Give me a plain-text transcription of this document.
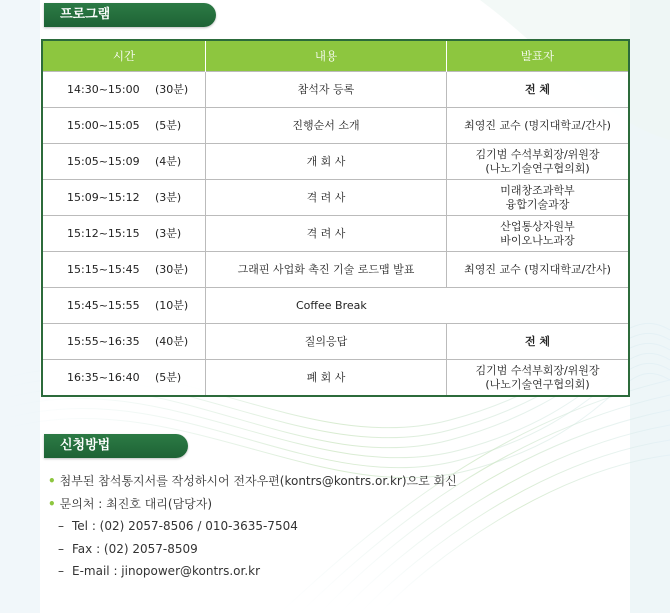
프로그램
시간	내용	발표자

14:30~15:00 (30분)	참석자 등록	전 체

15:00~15:05 (5분)	진행순서 소개	최영진 교수 (명지대학교/간사)

15:05~15:09 (4분)	개 회 사	김기범 수석부회장/위원장
(나노기술연구협의회)

15:09~15:12 (3분)	격 려 사	미래창조과학부
융합기술과장

15:12~15:15 (3분)	격 려 사	산업통상자원부
바이오나노과장

15:15~15:45 (30분)	그래핀 사업화 촉진 기술 로드맵 발표	최영진 교수 (명지대학교/간사)

15:45~15:55 (10분)	Coffee Break	

15:55~16:35 (40분)	질의응답	전 체

16:35~16:40 (5분)	폐 회 사	김기범 수석부회장/위원장
(나노기술연구협의회)
신청방법
• 첨부된 참석통지서를 작성하시어 전자우편(kontrs@kontrs.or.kr)으로 회신
• 문의처 : 최진호 대리(담당자)
– Tel : (02) 2057-8506 / 010-3635-7504
– Fax : (02) 2057-8509
– E-mail : jinopower@kontrs.or.kr
